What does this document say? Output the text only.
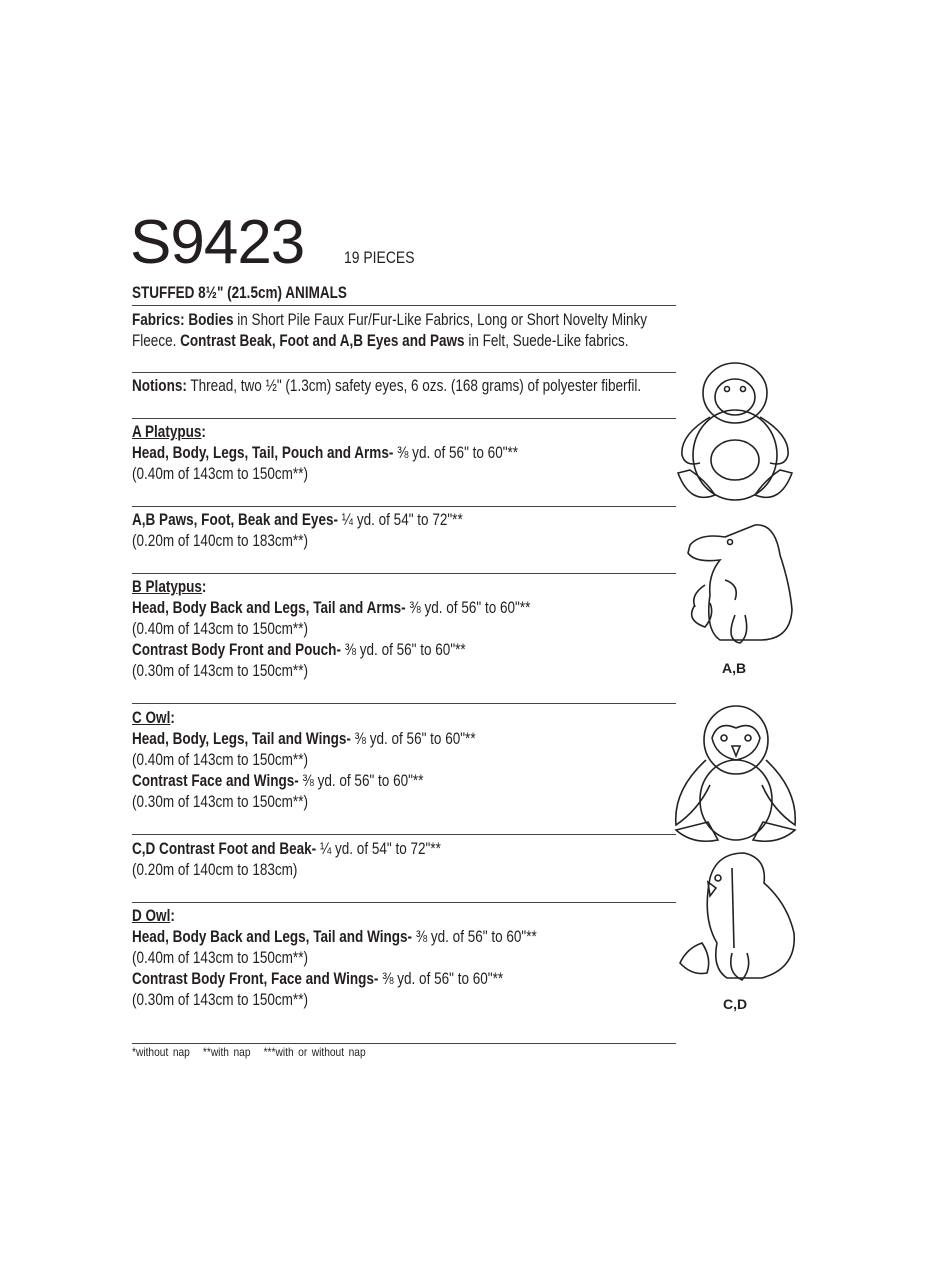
S9423 19 PIECES
STUFFED 8½" (21.5cm) ANIMALS
Fabrics: Bodies in Short Pile Faux Fur/Fur-Like Fabrics, Long or Short Novelty Minky
Fleece. Contrast Beak, Foot and A,B Eyes and Paws in Felt, Suede-Like fabrics.
Notions: Thread, two ½" (1.3cm) safety eyes, 6 ozs. (168 grams) of polyester fiberfil.
A Platypus:
Head, Body, Legs, Tail, Pouch and Arms- ⅜ yd. of 56" to 60"**
(0.40m of 143cm to 150cm**)
A,B Paws, Foot, Beak and Eyes- ¼ yd. of 54" to 72"**
(0.20m of 140cm to 183cm**)
B Platypus:
Head, Body Back and Legs, Tail and Arms- ⅜ yd. of 56" to 60"**
(0.40m of 143cm to 150cm**)
Contrast Body Front and Pouch- ⅜ yd. of 56" to 60"**
(0.30m of 143cm to 150cm**)
C Owl:
Head, Body, Legs, Tail and Wings- ⅜ yd. of 56" to 60"**
(0.40m of 143cm to 150cm**)
Contrast Face and Wings- ⅜ yd. of 56" to 60"**
(0.30m of 143cm to 150cm**)
C,D Contrast Foot and Beak- ¼ yd. of 54" to 72"**
(0.20m of 140cm to 183cm)
D Owl:
Head, Body Back and Legs, Tail and Wings- ⅜ yd. of 56" to 60"**
(0.40m of 143cm to 150cm**)
Contrast Body Front, Face and Wings- ⅜ yd. of 56" to 60"**
(0.30m of 143cm to 150cm**)
*without nap **with nap ***with or without nap
A,B
C,D
